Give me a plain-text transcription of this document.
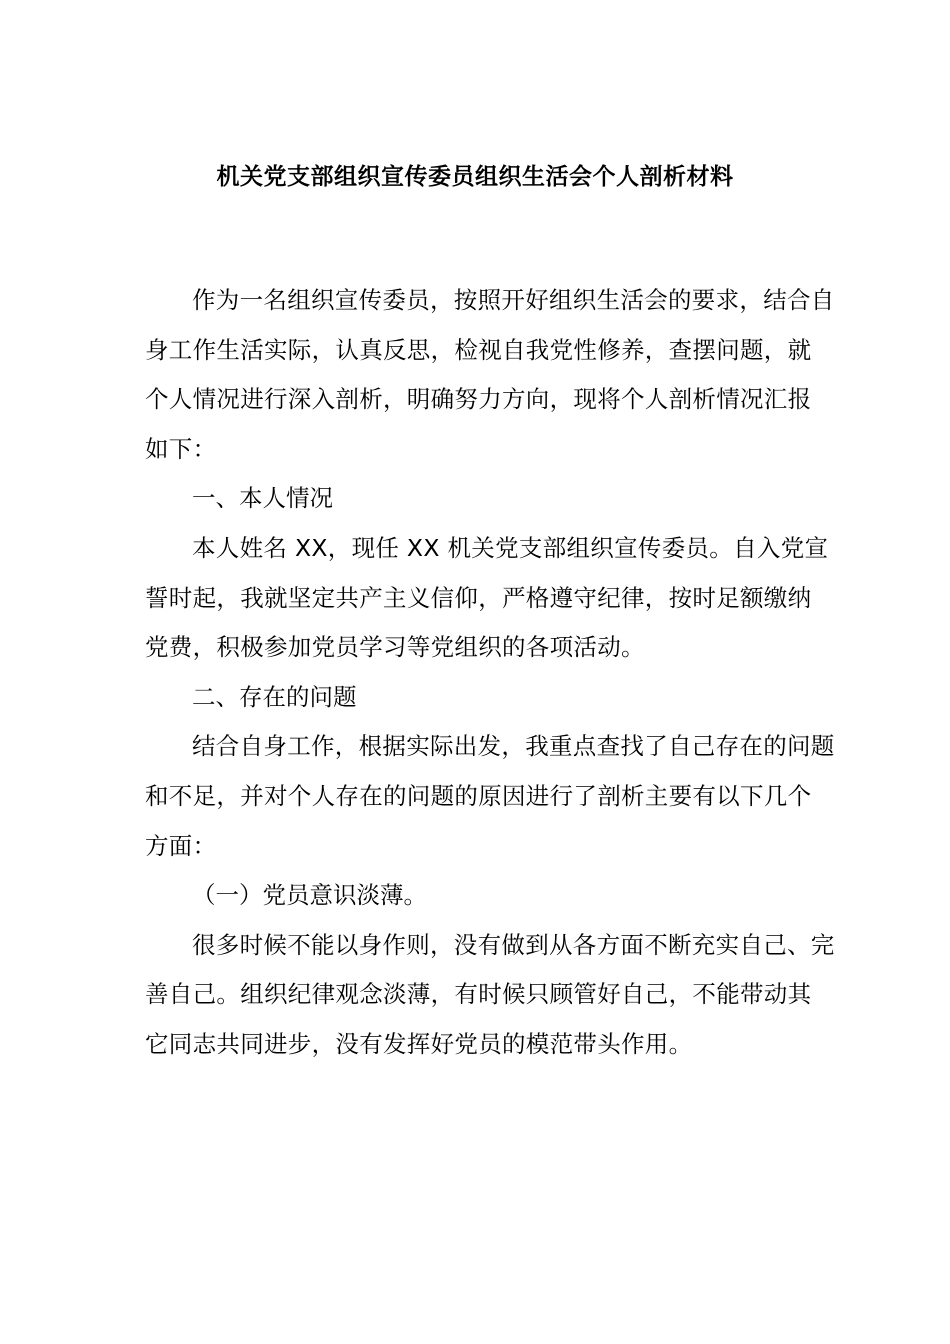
机关党支部组织宣传委员组织生活会个人剖析材料

作为一名组织宣传委员，按照开好组织生活会的要求，结合自身工作生活实际，认真反思，检视自我党性修养，查摆问题，就个人情况进行深入剖析，明确努力方向，现将个人剖析情况汇报如下：

一、本人情况

本人姓名 XX，现任 XX 机关党支部组织宣传委员。自入党宣誓时起，我就坚定共产主义信仰，严格遵守纪律，按时足额缴纳党费，积极参加党员学习等党组织的各项活动。

二、存在的问题

结合自身工作，根据实际出发，我重点查找了自己存在的问题和不足，并对个人存在的问题的原因进行了剖析主要有以下几个方面：

（一）党员意识淡薄。

很多时候不能以身作则，没有做到从各方面不断充实自己、完善自己。组织纪律观念淡薄，有时候只顾管好自己，不能带动其它同志共同进步，没有发挥好党员的模范带头作用。
